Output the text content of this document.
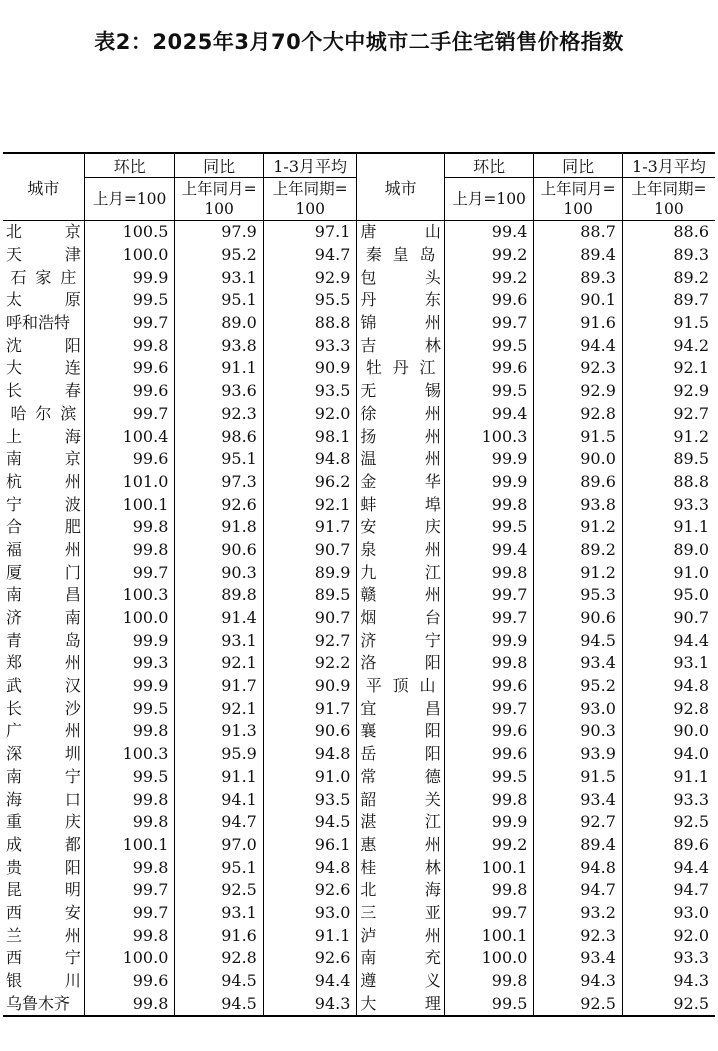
表2：2025年3月70个大中城市二手住宅销售价格指数
城市	环比	同比	1-3月平均	城市	环比	同比	1-3月平均
	上月=100	上年同月=100	上年同期=100		上月=100	上年同月=100	上年同期=100

北 京	100.5	97.9	97.1	唐 山	99.4	88.7	88.6

天 津	100.0	95.2	94.7	秦 皇 岛	99.2	89.4	89.3

石 家 庄	99.9	93.1	92.9	包 头	99.2	89.3	89.2

太 原	99.5	95.1	95.5	丹 东	99.6	90.1	89.7

呼和浩特	99.7	89.0	88.8	锦 州	99.7	91.6	91.5

沈 阳	99.8	93.8	93.3	吉 林	99.5	94.4	94.2

大 连	99.6	91.1	90.9	牡 丹 江	99.6	92.3	92.1

长 春	99.6	93.6	93.5	无 锡	99.5	92.9	92.9

哈 尔 滨	99.7	92.3	92.0	徐 州	99.4	92.8	92.7

上 海	100.4	98.6	98.1	扬 州	100.3	91.5	91.2

南 京	99.6	95.1	94.8	温 州	99.9	90.0	89.5

杭 州	101.0	97.3	96.2	金 华	99.9	89.6	88.8

宁 波	100.1	92.6	92.1	蚌 埠	99.8	93.8	93.3

合 肥	99.8	91.8	91.7	安 庆	99.5	91.2	91.1

福 州	99.8	90.6	90.7	泉 州	99.4	89.2	89.0

厦 门	99.7	90.3	89.9	九 江	99.8	91.2	91.0

南 昌	100.3	89.8	89.5	赣 州	99.7	95.3	95.0

济 南	100.0	91.4	90.7	烟 台	99.7	90.6	90.7

青 岛	99.9	93.1	92.7	济 宁	99.9	94.5	94.4

郑 州	99.3	92.1	92.2	洛 阳	99.8	93.4	93.1

武 汉	99.9	91.7	90.9	平 顶 山	99.6	95.2	94.8

长 沙	99.5	92.1	91.7	宜 昌	99.7	93.0	92.8

广 州	99.8	91.3	90.6	襄 阳	99.6	90.3	90.0

深 圳	100.3	95.9	94.8	岳 阳	99.6	93.9	94.0

南 宁	99.5	91.1	91.0	常 德	99.5	91.5	91.1

海 口	99.8	94.1	93.5	韶 关	99.8	93.4	93.3

重 庆	99.8	94.7	94.5	湛 江	99.9	92.7	92.5

成 都	100.1	97.0	96.1	惠 州	99.2	89.4	89.6

贵 阳	99.8	95.1	94.8	桂 林	100.1	94.8	94.4

昆 明	99.7	92.5	92.6	北 海	99.8	94.7	94.7

西 安	99.7	93.1	93.0	三 亚	99.7	93.2	93.0

兰 州	99.8	91.6	91.1	泸 州	100.1	92.3	92.0

西 宁	100.0	92.8	92.6	南 充	100.0	93.4	93.3

银 川	99.6	94.5	94.4	遵 义	99.8	94.3	94.3

乌鲁木齐	99.8	94.5	94.3	大 理	99.5	92.5	92.5
